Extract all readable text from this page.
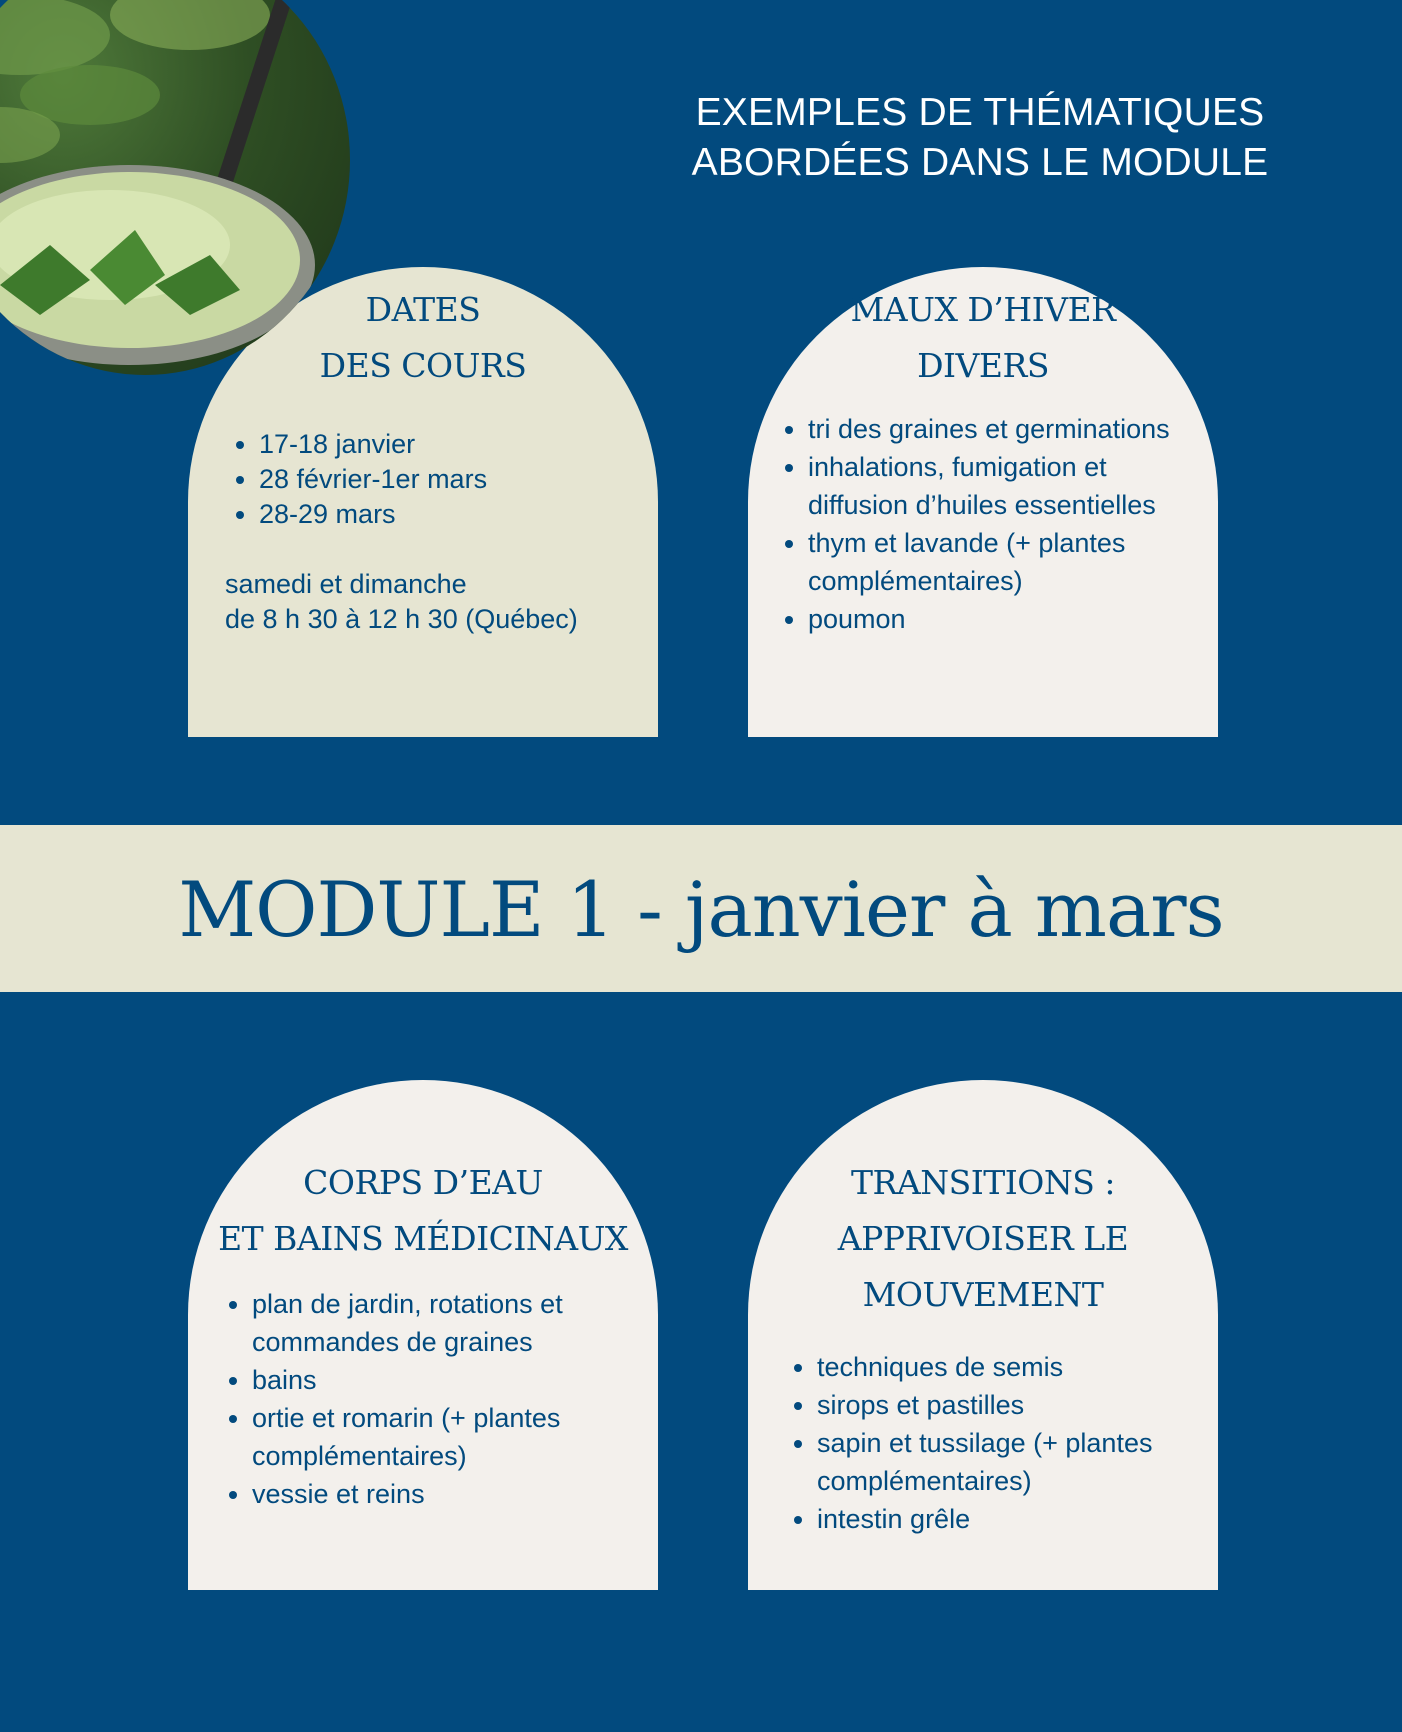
EXEMPLES DE THÉMATIQUES
ABORDÉES DANS LE MODULE
DATES
DES COURS
• 17-18 janvier
• 28 février-1er mars
• 28-29 mars
samedi et dimanche
de 8 h 30 à 12 h 30 (Québec)
MAUX D’HIVER
DIVERS
• tri des graines et germinations
• inhalations, fumigation et diffusion d’huiles essentielles
• thym et lavande (+ plantes complémentaires)
• poumon
MODULE 1 - janvier à mars
CORPS D’EAU
ET BAINS MÉDICINAUX
• plan de jardin, rotations et commandes de graines
• bains
• ortie et romarin (+ plantes complémentaires)
• vessie et reins
TRANSITIONS :
APPRIVOISER LE
MOUVEMENT
• techniques de semis
• sirops et pastilles
• sapin et tussilage (+ plantes complémentaires)
• intestin grêle
